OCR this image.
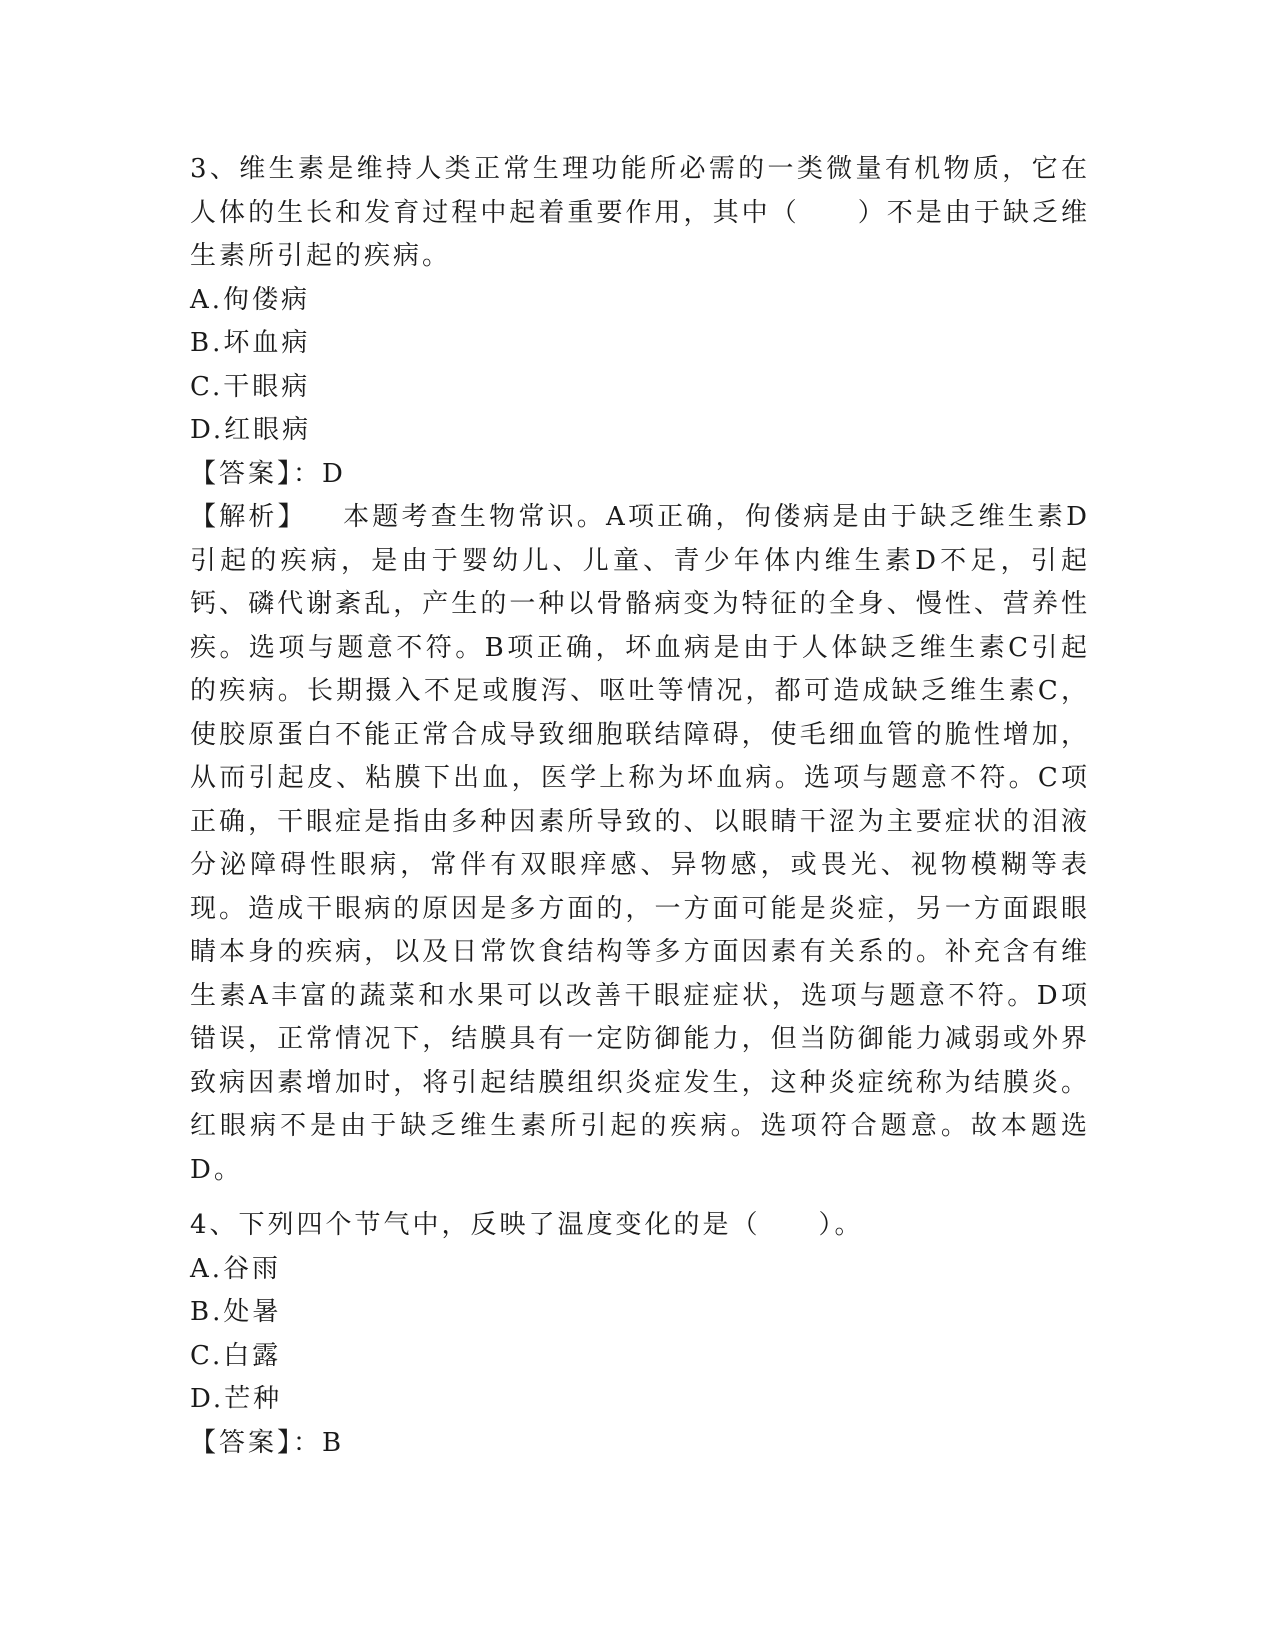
3、维生素是维持人类正常生理功能所必需的一类微量有机物质，它在人体的生长和发育过程中起着重要作用，其中（　　）不是由于缺乏维生素所引起的疾病。

A.佝偻病

B.坏血病

C.干眼病

D.红眼病

【答案】：D

【解析】 本题考查生物常识。A项正确，佝偻病是由于缺乏维生素D引起的疾病，是由于婴幼儿、儿童、青少年体内维生素D不足，引起钙、磷代谢紊乱，产生的一种以骨骼病变为特征的全身、慢性、营养性疾。选项与题意不符。B项正确，坏血病是由于人体缺乏维生素C引起的疾病。长期摄入不足或腹泻、呕吐等情况，都可造成缺乏维生素C，使胶原蛋白不能正常合成导致细胞联结障碍，使毛细血管的脆性增加，从而引起皮、粘膜下出血，医学上称为坏血病。选项与题意不符。C项正确，干眼症是指由多种因素所导致的、以眼睛干涩为主要症状的泪液分泌障碍性眼病，常伴有双眼痒感、异物感，或畏光、视物模糊等表现。造成干眼病的原因是多方面的，一方面可能是炎症，另一方面跟眼睛本身的疾病，以及日常饮食结构等多方面因素有关系的。补充含有维生素A丰富的蔬菜和水果可以改善干眼症症状，选项与题意不符。D项错误，正常情况下，结膜具有一定防御能力，但当防御能力减弱或外界致病因素增加时，将引起结膜组织炎症发生，这种炎症统称为结膜炎。红眼病不是由于缺乏维生素所引起的疾病。选项符合题意。故本题选D。

4、下列四个节气中，反映了温度变化的是（　　）。

A.谷雨

B.处暑

C.白露

D.芒种

【答案】：B
